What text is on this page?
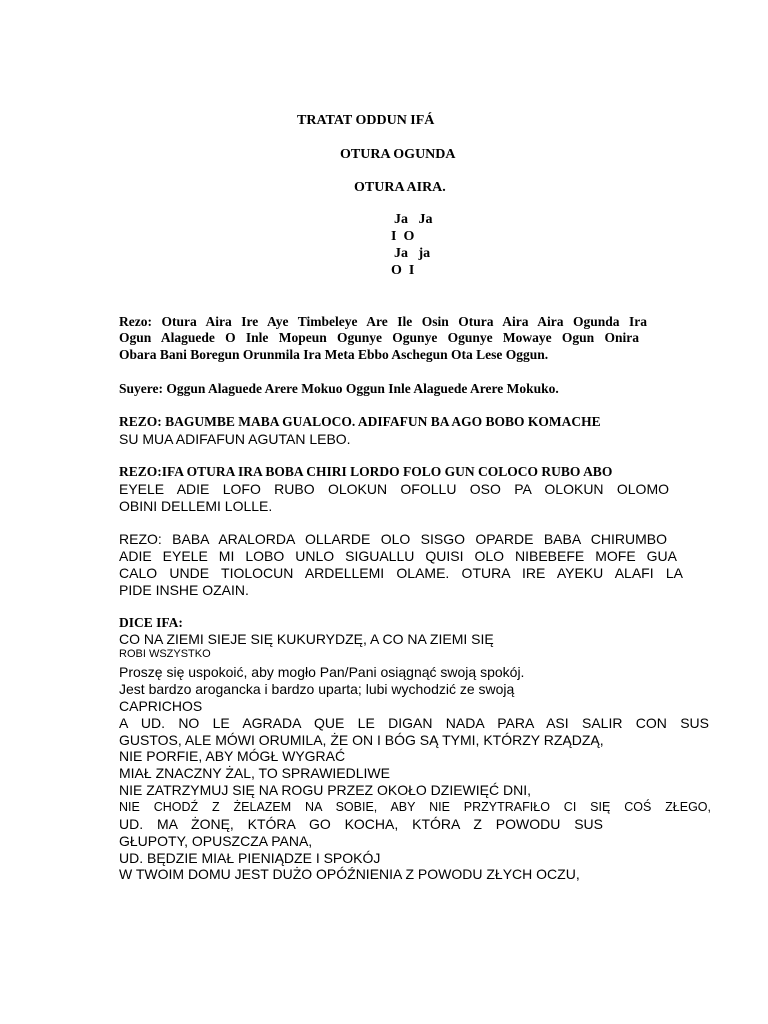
TRATAT ODDUN IFÁ
OTURA OGUNDA
OTURA AIRA.
Ja   Ja
I  O
Ja   ja
O  I
Rezo: Otura Aira Ire Aye Timbeleye Are Ile Osin Otura Aira Aira Ogunda Ira
Ogun Alaguede O Inle Mopeun Ogunye Ogunye Ogunye Mowaye Ogun Onira
Obara Bani Boregun Orunmila Ira Meta Ebbo Aschegun Ota Lese Oggun.
Suyere: Oggun Alaguede Arere Mokuo Oggun Inle Alaguede Arere Mokuko.
REZO: BAGUMBE MABA GUALOCO. ADIFAFUN BA AGO BOBO KOMACHE
SU MUA ADIFAFUN AGUTAN LEBO.
REZO:IFA OTURA IRA BOBA CHIRI LORDO FOLO GUN COLOCO RUBO ABO
EYELE ADIE LOFO RUBO OLOKUN OFOLLU OSO PA OLOKUN OLOMO
OBINI DELLEMI LOLLE.
REZO: BABA ARALORDA OLLARDE OLO SISGO OPARDE BABA CHIRUMBO
ADIE EYELE MI LOBO UNLO SIGUALLU QUISI OLO NIBEBEFE MOFE GUA
CALO UNDE TIOLOCUN ARDELLEMI OLAME. OTURA IRE AYEKU ALAFI LA
PIDE INSHE OZAIN.
DICE IFA:
CO NA ZIEMI SIEJE SIĘ KUKURYDZĘ, A CO NA ZIEMI SIĘ
ROBI WSZYSTKO
Proszę się uspokoić, aby mogło Pan/Pani osiągnąć swoją spokój.
Jest bardzo arogancka i bardzo uparta; lubi wychodzić ze swoją
CAPRICHOS
A UD. NO LE AGRADA QUE LE DIGAN NADA PARA ASI SALIR CON SUS
GUSTOS, ALE MÓWI ORUMILA, ŻE ON I BÓG SĄ TYMI, KTÓRZY RZĄDZĄ,
NIE PORFIE, ABY MÓGŁ WYGRAĆ
MIAŁ ZNACZNY ŻAL, TO SPRAWIEDLIWE
NIE ZATRZYMUJ SIĘ NA ROGU PRZEZ OKOŁO DZIEWIĘĆ DNI,
NIE CHODŹ Z ŻELAZEM NA SOBIE, ABY NIE PRZYTRAFIŁO CI SIĘ COŚ ZŁEGO,
UD. MA ŻONĘ, KTÓRA GO KOCHA, KTÓRA Z POWODU SUS
GŁUPOTY, OPUSZCZA PANA,
UD. BĘDZIE MIAŁ PIENIĄDZE I SPOKÓJ
W TWOIM DOMU JEST DUŻO OPÓŹNIENIA Z POWODU ZŁYCH OCZU,
